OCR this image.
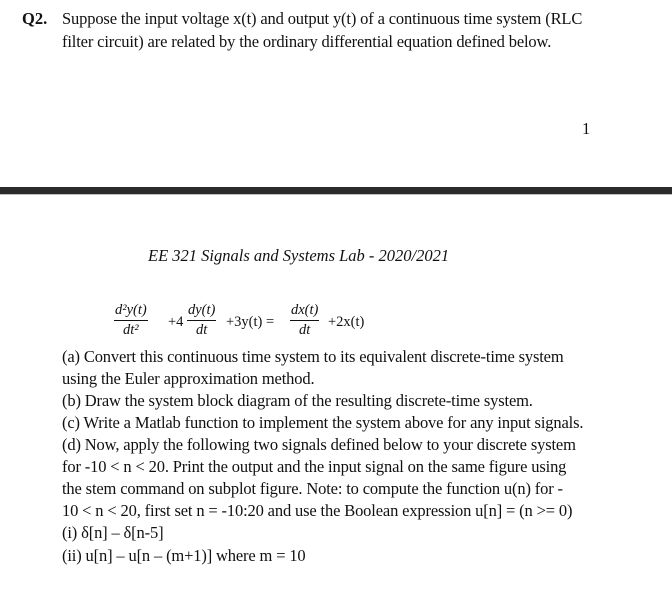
Q2. Suppose the input voltage x(t) and output y(t) of a continuous time system (RLC
filter circuit) are related by the ordinary differential equation defined below.
1
EE 321 Signals and Systems Lab - 2020/2021
d²y(t)
dt²	+4
dy(t)
dt	+3y(t) =
dx(t)
dt	+2x(t)
(a) Convert this continuous time system to its equivalent discrete-time system
using the Euler approximation method.
(b) Draw the system block diagram of the resulting discrete-time system.
(c) Write a Matlab function to implement the system above for any input signals.
(d) Now, apply the following two signals defined below to your discrete system
for -10 < n < 20. Print the output and the input signal on the same figure using
the stem command on subplot figure. Note: to compute the function u(n) for -
10 < n < 20, first set n = -10:20 and use the Boolean expression u[n] = (n >= 0)
(i) δ[n] – δ[n-5]
(ii) u[n] – u[n – (m+1)] where m = 10
